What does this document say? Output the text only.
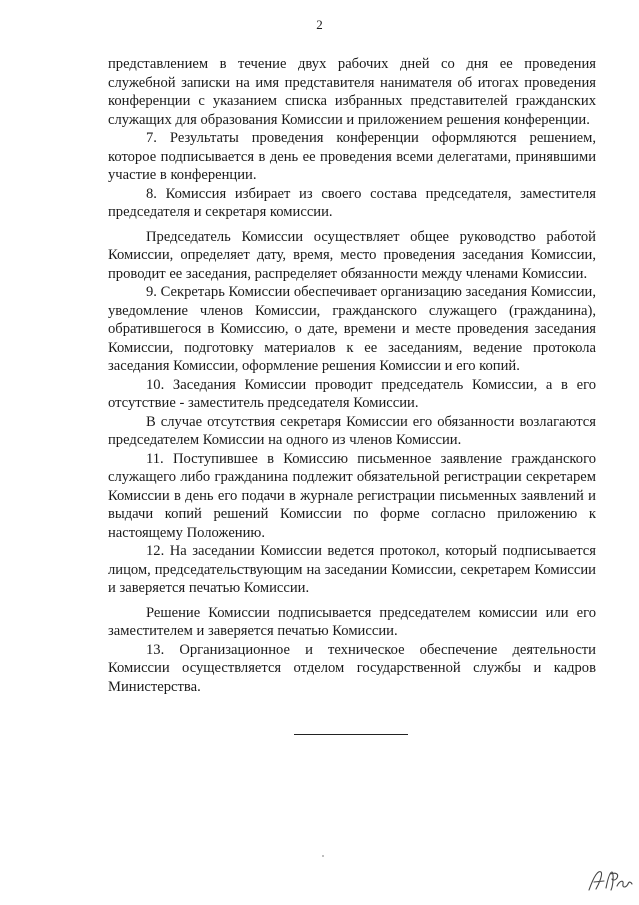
2

представлением в течение двух рабочих дней со дня ее проведения служебной записки на имя представителя нанимателя об итогах проведения конференции с указанием списка избранных представителей гражданских служащих для образования Комиссии и приложением решения конференции.

7. Результаты проведения конференции оформляются решением, которое подписывается в день ее проведения всеми делегатами, принявшими участие в конференции.

8. Комиссия избирает из своего состава председателя, заместителя председателя и секретаря комиссии.

Председатель Комиссии осуществляет общее руководство работой Комиссии, определяет дату, время, место проведения заседания Комиссии, проводит ее заседания, распределяет обязанности между членами Комиссии.

9. Секретарь Комиссии обеспечивает организацию заседания Комиссии, уведомление членов Комиссии, гражданского служащего (гражданина), обратившегося в Комиссию, о дате, времени и месте проведения заседания Комиссии, подготовку материалов к ее заседаниям, ведение протокола заседания Комиссии, оформление решения Комиссии и его копий.

10. Заседания Комиссии проводит председатель Комиссии, а в его отсутствие - заместитель председателя Комиссии.

В случае отсутствия секретаря Комиссии его обязанности возлагаются председателем Комиссии на одного из членов Комиссии.

11. Поступившее в Комиссию письменное заявление гражданского служащего либо гражданина подлежит обязательной регистрации секретарем Комиссии в день его подачи в журнале регистрации письменных заявлений и выдачи копий решений Комиссии по форме согласно приложению к настоящему Положению.

12. На заседании Комиссии ведется протокол, который подписывается лицом, председательствующим на заседании Комиссии, секретарем Комиссии и заверяется печатью Комиссии.

Решение Комиссии подписывается председателем комиссии или его заместителем и заверяется печатью Комиссии.

13. Организационное и техническое обеспечение деятельности Комиссии осуществляется отделом государственной службы и кадров Министерства.
